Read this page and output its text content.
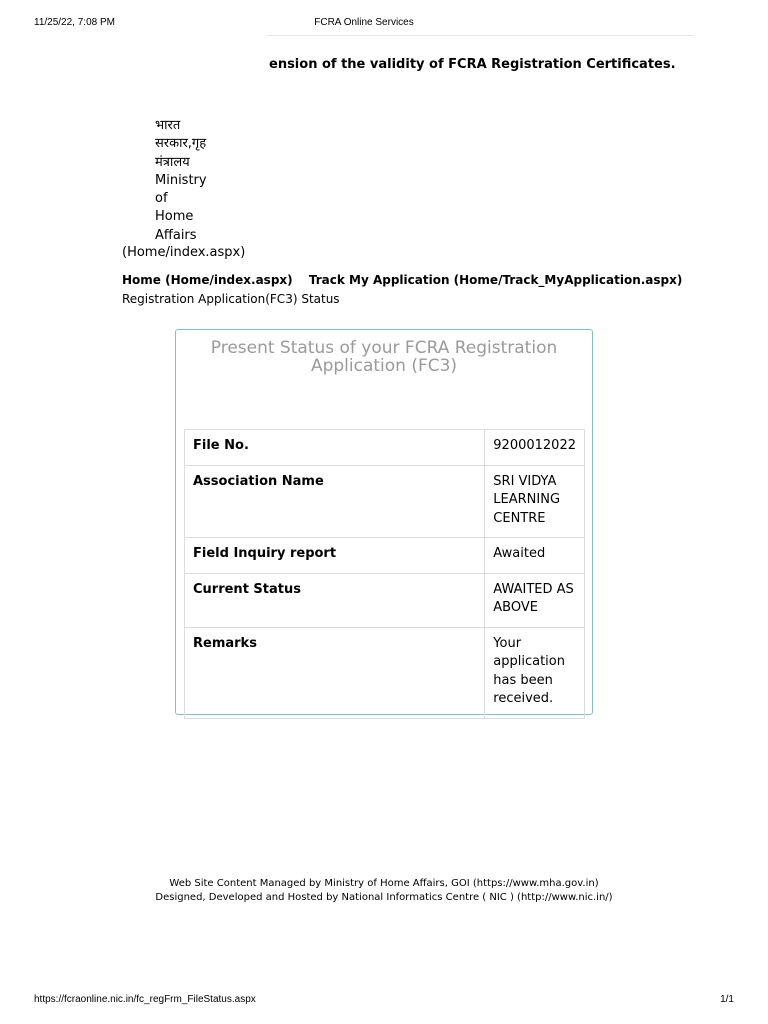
11/25/22, 7:08 PM	FCRA Online Services
ension of the validity of FCRA Registration Certificates.
भारत
सरकार,गृह
मंत्रालय
Ministry
of
Home
Affairs
(Home/index.aspx)
Home (Home/index.aspx) Track My Application (Home/Track_MyApplication.aspx)
Registration Application(FC3) Status
Present Status of your FCRA Registration
Application (FC3)
File No.	9200012022
Association Name	SRI VIDYA LEARNING CENTRE
Field Inquiry report	Awaited
Current Status	AWAITED AS ABOVE
Remarks	Your application has been received.
Web Site Content Managed by Ministry of Home Affairs, GOI (https://www.mha.gov.in)
Designed, Developed and Hosted by National Informatics Centre ( NIC ) (http://www.nic.in/)
https://fcraonline.nic.in/fc_regFrm_FileStatus.aspx	1/1
